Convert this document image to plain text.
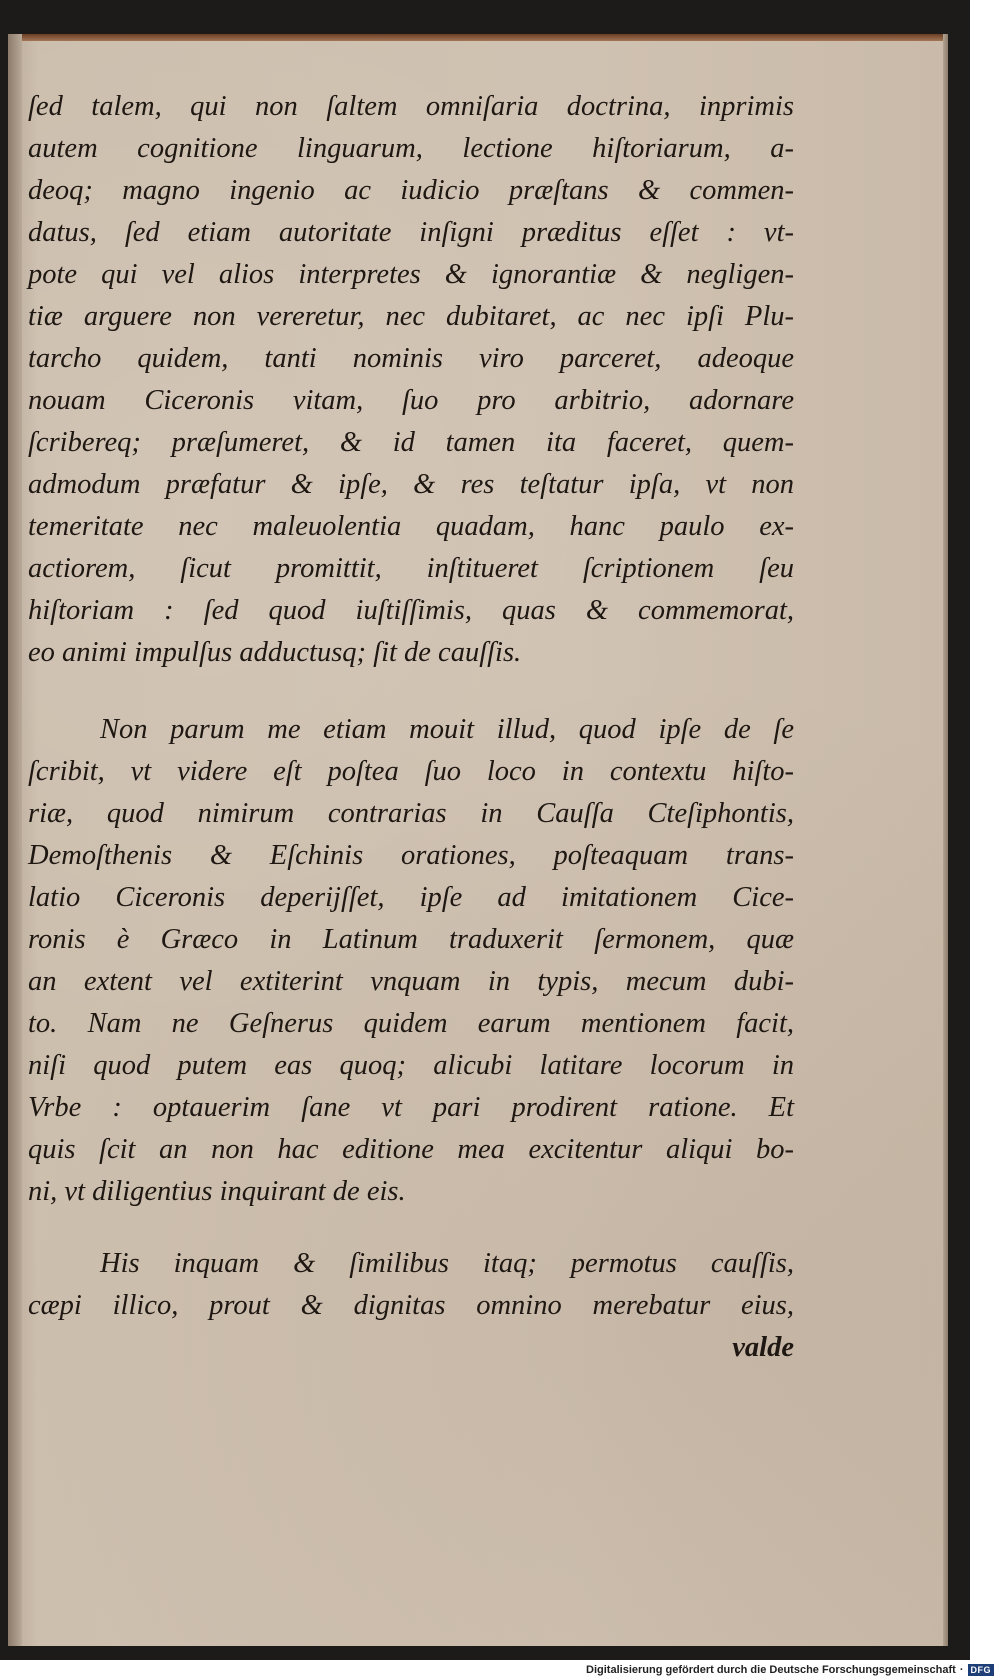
ſed talem, qui non ſaltem omniſaria doctrina, inprimis
autem cognitione linguarum, lectione hiſtoriarum, a-
deoq; magno ingenio ac iudicio præſtans & commen-
datus, ſed etiam autoritate inſigni præditus eſſet : vt-
pote qui vel alios interpretes & ignorantiæ & negligen-
tiæ arguere non vereretur, nec dubitaret, ac nec ipſi Plu-
tarcho quidem, tanti nominis viro parceret, adeoque
nouam Ciceronis vitam, ſuo pro arbitrio, adornare
ſcribereq; præſumeret, & id tamen ita faceret, quem-
admodum præfatur & ipſe, & res teſtatur ipſa, vt non
temeritate nec maleuolentia quadam, hanc paulo ex-
actiorem, ſicut promittit, inſtitueret ſcriptionem ſeu
hiſtoriam : ſed quod iuſtiſſimis, quas & commemorat,
eo animi impulſus adductusq; ſit de cauſſis.
Non parum me etiam mouit illud, quod ipſe de ſe
ſcribit, vt videre eſt poſtea ſuo loco in contextu hiſto-
riæ, quod nimirum contrarias in Cauſſa Cteſiphontis,
Demoſthenis & Eſchinis orationes, poſteaquam trans-
latio Ciceronis deperijſſet, ipſe ad imitationem Cice-
ronis è Græco in Latinum traduxerit ſermonem, quæ
an extent vel extiterint vnquam in typis, mecum dubi-
to. Nam ne Geſnerus quidem earum mentionem facit,
niſi quod putem eas quoq; alicubi latitare locorum in
Vrbe : optauerim ſane vt pari prodirent ratione. Et
quis ſcit an non hac editione mea excitentur aliqui bo-
ni, vt diligentius inquirant de eis.
His inquam & ſimilibus itaq; permotus cauſſis,
cæpi illico, prout & dignitas omnino merebatur eius,
valde
Digitalisierung gefördert durch die Deutsche Forschungsgemeinschaft · DFG
